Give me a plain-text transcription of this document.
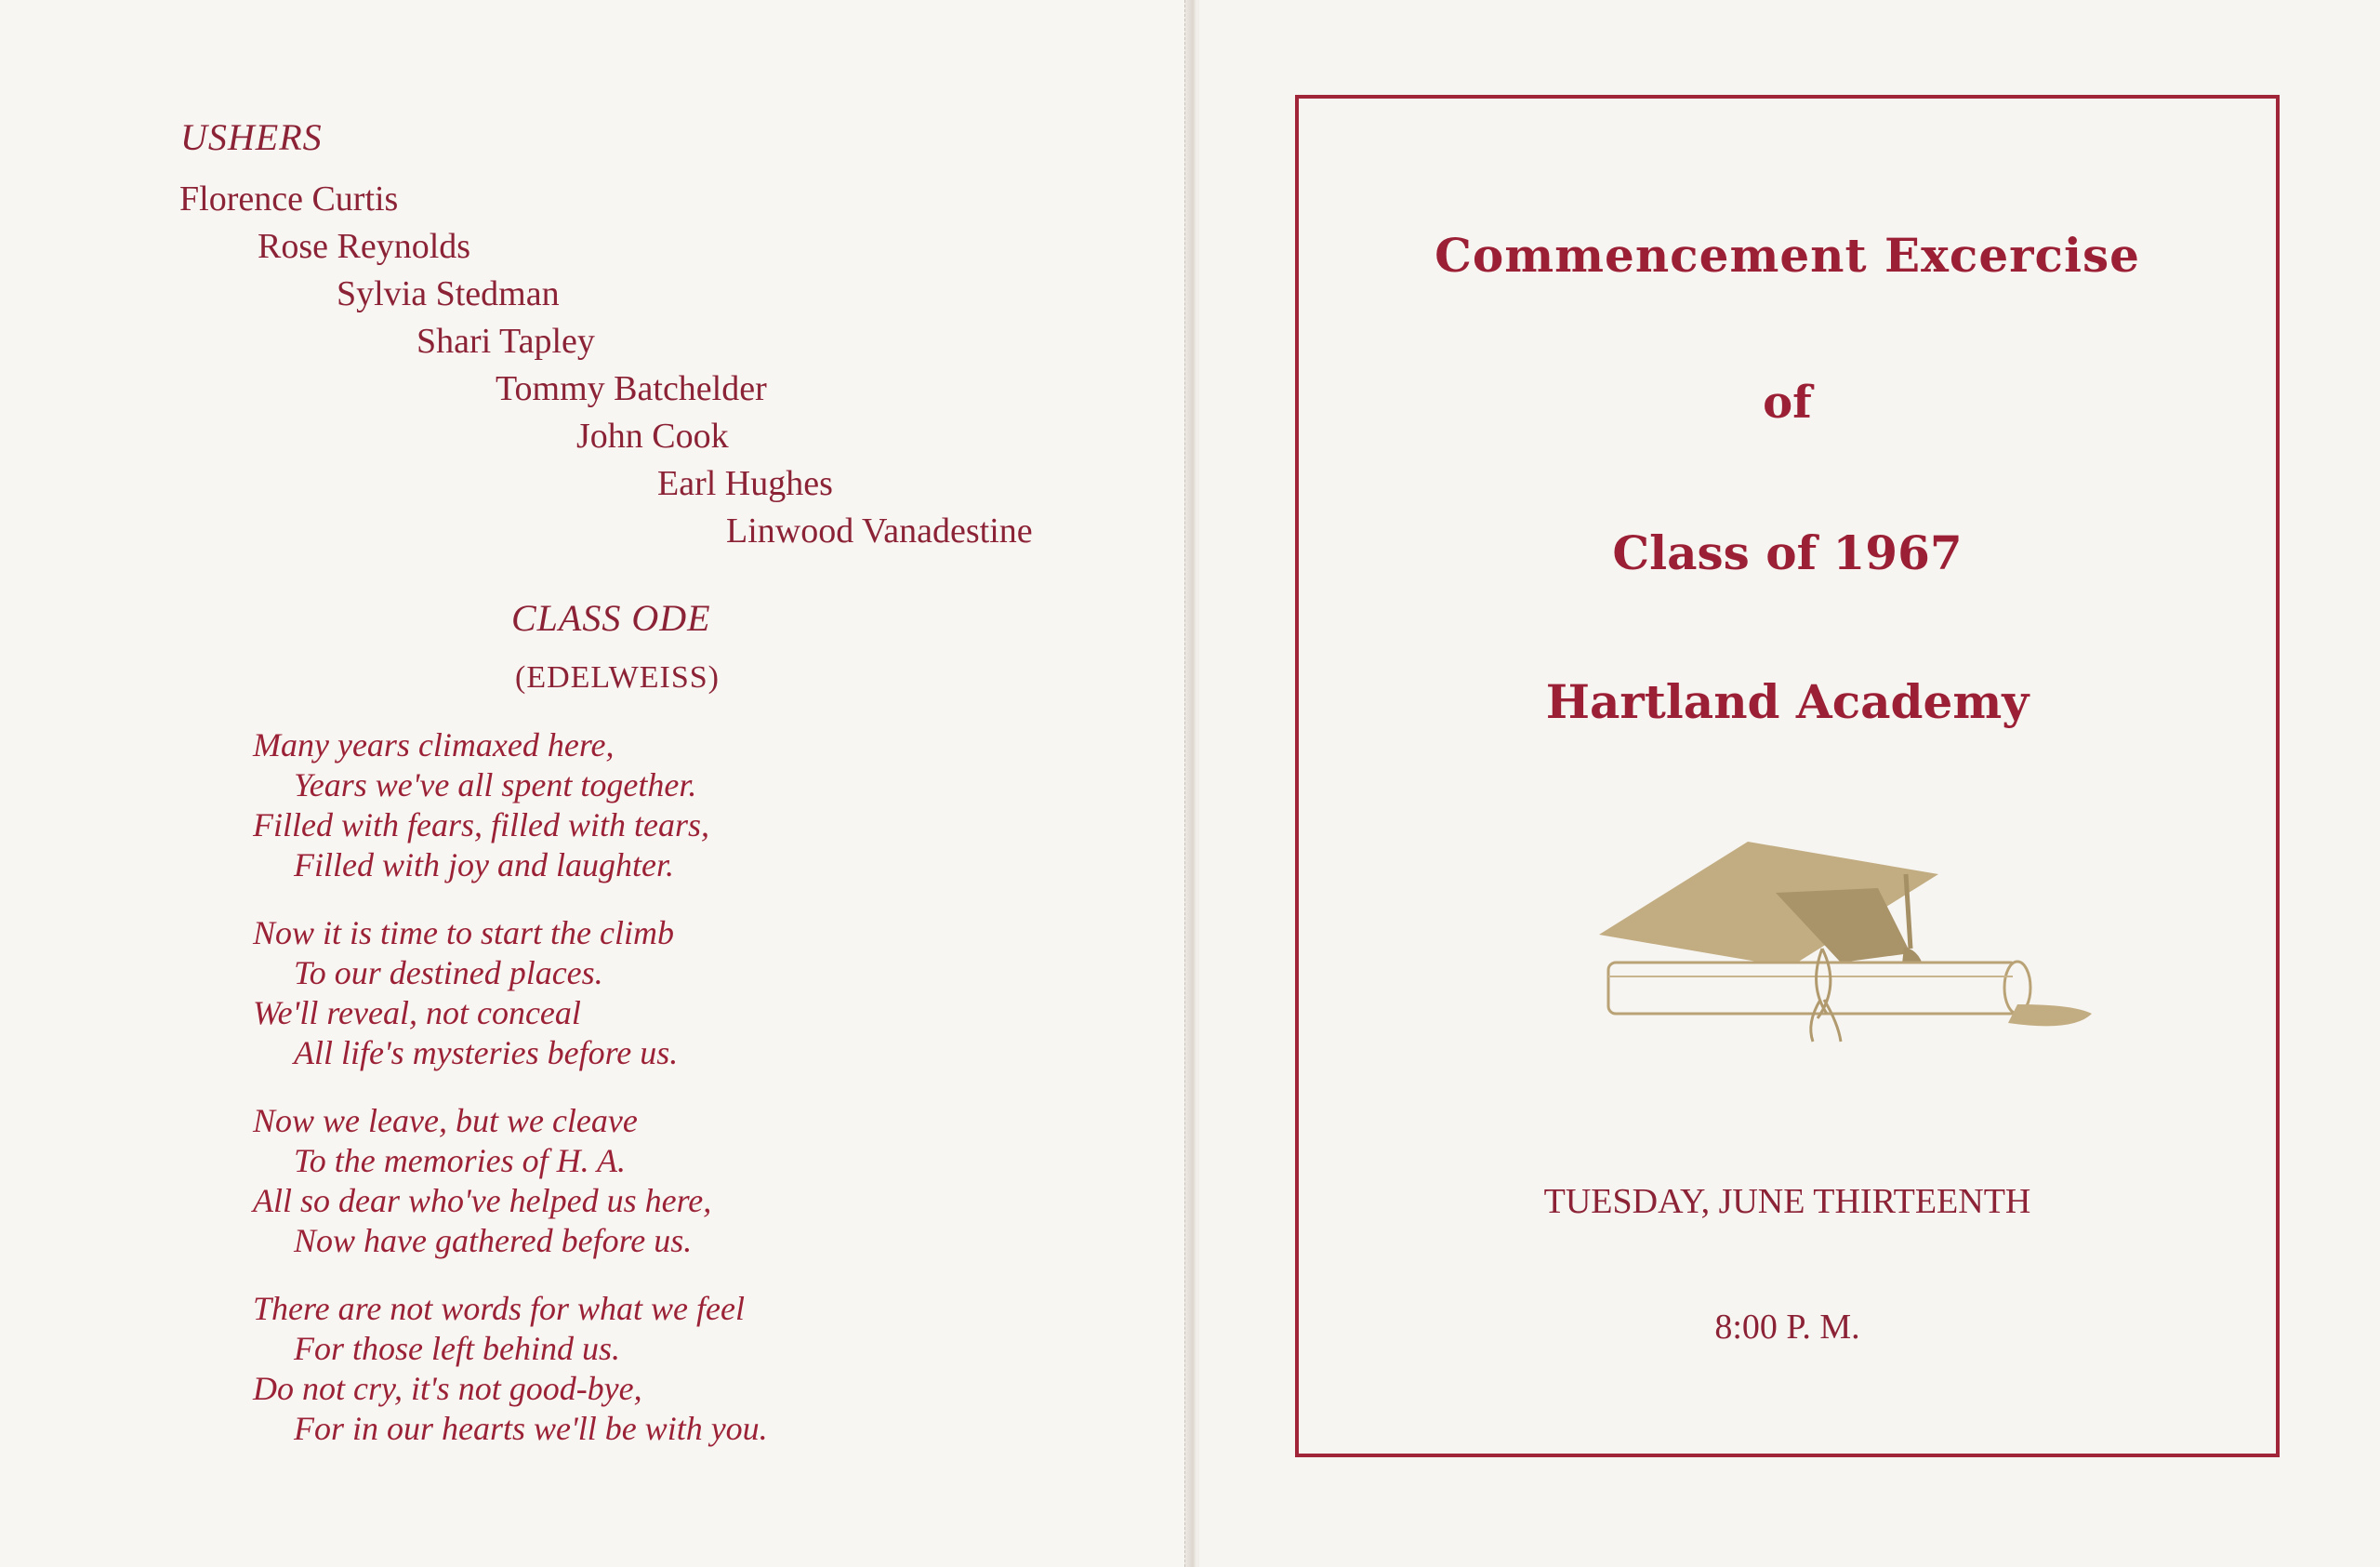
USHERS
Florence Curtis
Rose Reynolds
Sylvia Stedman
Shari Tapley
Tommy Batchelder
John Cook
Earl Hughes
Linwood Vanadestine
CLASS ODE
(EDELWEISS)
Many years climaxed here,
Years we've all spent together.
Filled with fears, filled with tears,
Filled with joy and laughter.
Now it is time to start the climb
To our destined places.
We'll reveal, not conceal
All life's mysteries before us.
Now we leave, but we cleave
To the memories of H. A.
All so dear who've helped us here,
Now have gathered before us.
There are not words for what we feel
For those left behind us.
Do not cry, it's not good-bye,
For in our hearts we'll be with you.
Commencement Excercise
of
Class of 1967
Hartland Academy
TUESDAY, JUNE THIRTEENTH
8:00 P. M.
